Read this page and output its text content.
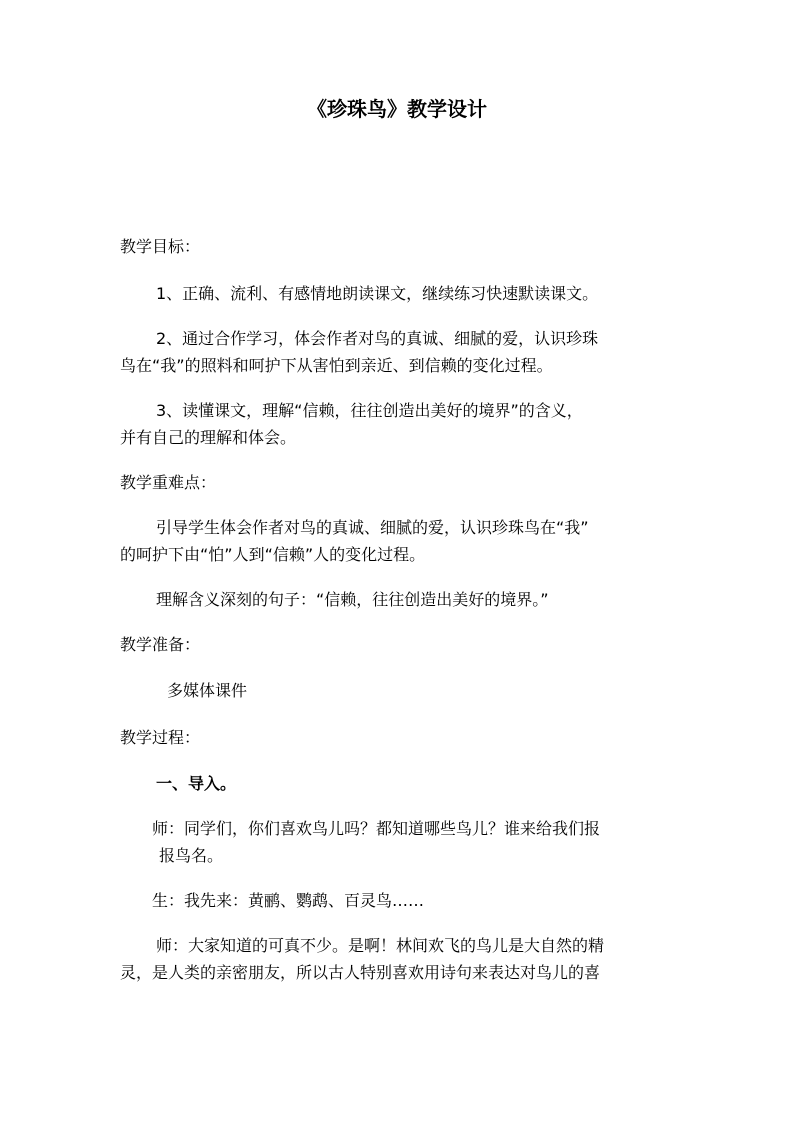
《珍珠鸟》教学设计
教学目标：
1、正确、流利、有感情地朗读课文，继续练习快速默读课文。
2、通过合作学习，体会作者对鸟的真诚、细腻的爱，认识珍珠
鸟在“我”的照料和呵护下从害怕到亲近、到信赖的变化过程。
3、读懂课文，理解“信赖，往往创造出美好的境界”的含义，
并有自己的理解和体会。
教学重难点：
引导学生体会作者对鸟的真诚、细腻的爱，认识珍珠鸟在“我”
的呵护下由“怕”人到“信赖”人的变化过程。
理解含义深刻的句子：“信赖，往往创造出美好的境界。”
教学准备：
多媒体课件
教学过程：
一、导入。
师：同学们，你们喜欢鸟儿吗？都知道哪些鸟儿？谁来给我们报
报鸟名。
生：我先来：黄鹂、鹦鹉、百灵鸟……
师：大家知道的可真不少。是啊！林间欢飞的鸟儿是大自然的精
灵，是人类的亲密朋友，所以古人特别喜欢用诗句来表达对鸟儿的喜
